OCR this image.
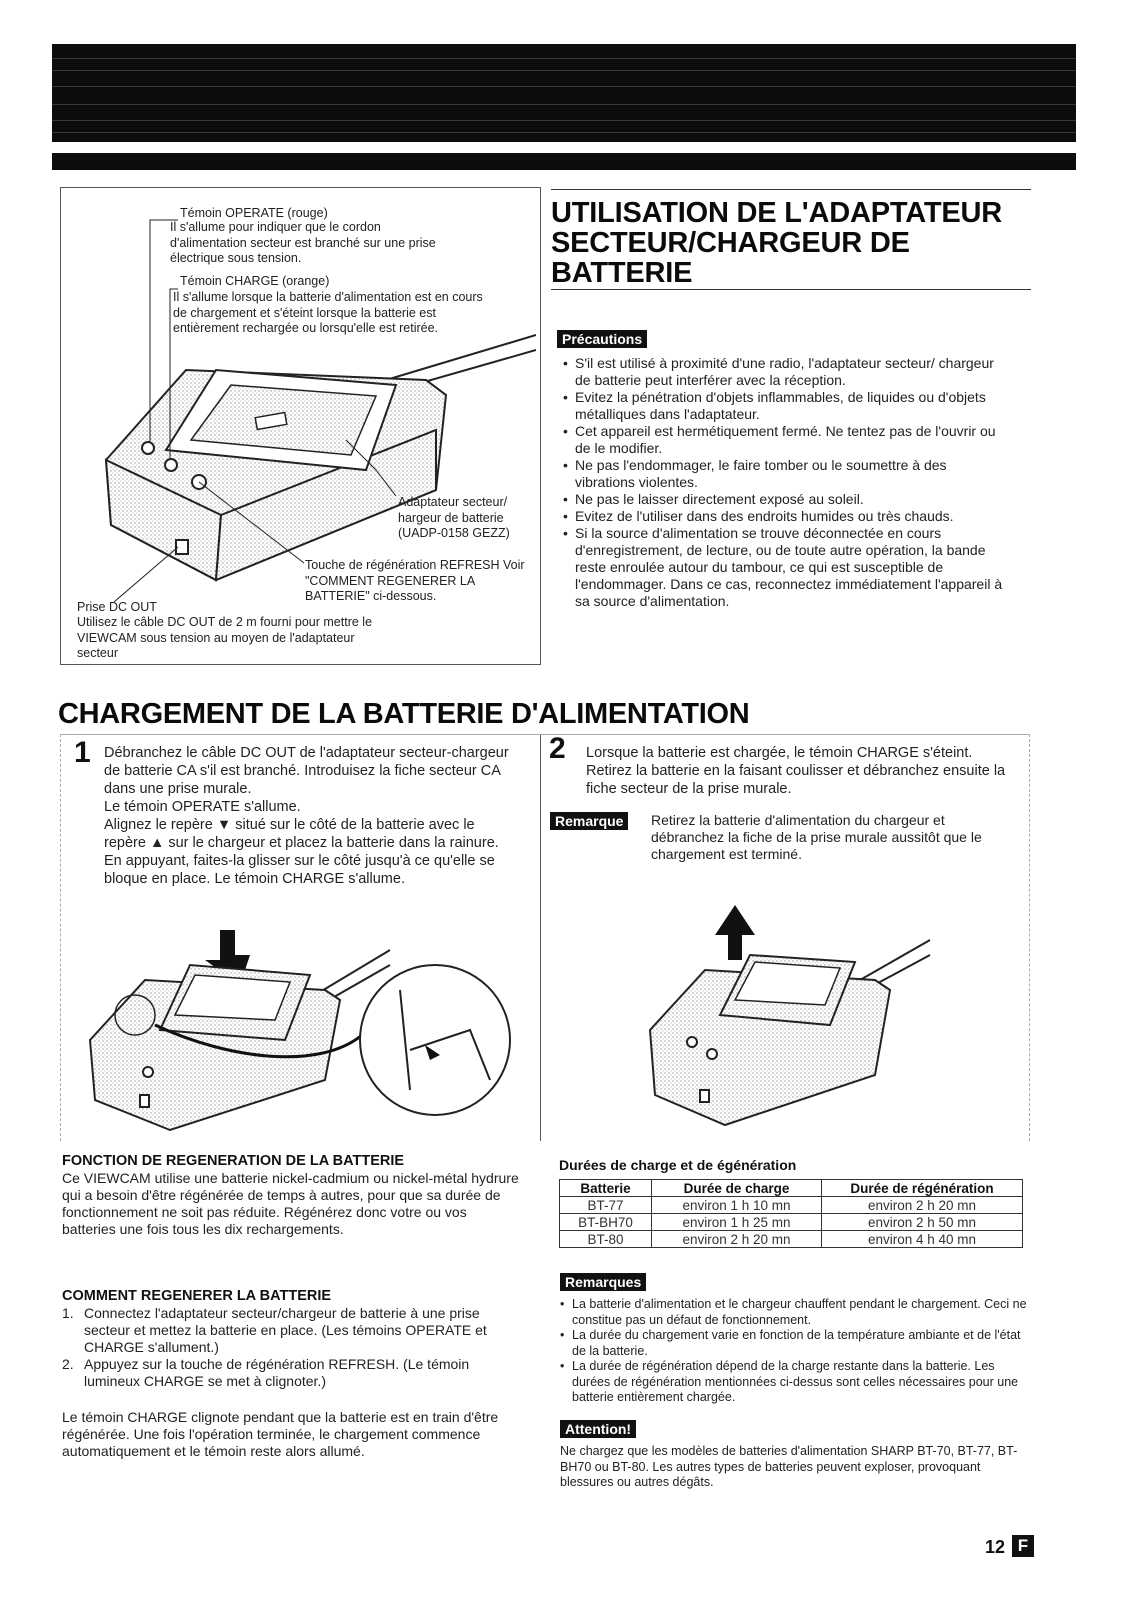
Témoin OPERATE (rouge)
Il s'allume pour indiquer que le cordon d'alimentation secteur est branché sur une prise électrique sous tension.
Témoin CHARGE (orange)
Il s'allume lorsque la batterie d'alimentation est en cours de chargement et s'éteint lorsque la batterie est entièrement rechargée ou lorsqu'elle est retirée.
Adaptateur secteur/ hargeur de batterie (UADP-0158 GEZZ)
Touche de régénération REFRESH Voir "COMMENT REGENERER LA BATTERIE" ci-dessous.
Prise DC OUT
Utilisez le câble DC OUT de 2 m fourni pour mettre le VIEWCAM sous tension au moyen de l'adaptateur secteur
UTILISATION DE L'ADAPTATEUR SECTEUR/CHARGEUR DE BATTERIE
Précautions
• S'il est utilisé à proximité d'une radio, l'adaptateur secteur/ chargeur de batterie peut interférer avec la réception.
• Evitez la pénétration d'objets inflammables, de liquides ou d'objets métalliques dans l'adaptateur.
• Cet appareil est hermétiquement fermé. Ne tentez pas de l'ouvrir ou de le modifier.
• Ne pas l'endommager, le faire tomber ou le soumettre à des vibrations violentes.
• Ne pas le laisser directement exposé au soleil.
• Evitez de l'utiliser dans des endroits humides ou très chauds.
• Si la source d'alimentation se trouve déconnectée en cours d'enregistrement, de lecture, ou de toute autre opération, la bande reste enroulée autour du tambour, ce qui est susceptible de l'endommager. Dans ce cas, reconnectez immédiatement l'appareil à sa source d'alimentation.
CHARGEMENT DE LA BATTERIE D'ALIMENTATION
1 Débranchez le câble DC OUT de l'adaptateur secteur-chargeur de batterie CA s'il est branché. Introduisez la fiche secteur CA dans une prise murale.
Le témoin OPERATE s'allume.
Alignez le repère ▼ situé sur le côté de la batterie avec le repère ▲ sur le chargeur et placez la batterie dans la rainure. En appuyant, faites-la glisser sur le côté jusqu'à ce qu'elle se bloque en place. Le témoin CHARGE s'allume.
2 Lorsque la batterie est chargée, le témoin CHARGE s'éteint. Retirez la batterie en la faisant coulisser et débranchez ensuite la fiche secteur de la prise murale.
Remarque	Retirez la batterie d'alimentation du chargeur et débranchez la fiche de la prise murale aussitôt que le chargement est terminé.
FONCTION DE REGENERATION DE LA BATTERIE
Ce VIEWCAM utilise une batterie nickel-cadmium ou nickel-métal hydrure qui a besoin d'être régénérée de temps à autres, pour que sa durée de fonctionnement ne soit pas réduite. Régénérez donc votre ou vos batteries une fois tous les dix rechargements.
COMMENT REGENERER LA BATTERIE
1. Connectez l'adaptateur secteur/chargeur de batterie à une prise secteur et mettez la batterie en place. (Les témoins OPERATE et CHARGE s'allument.)
2. Appuyez sur la touche de régénération REFRESH. (Le témoin lumineux CHARGE se met à clignoter.)
Le témoin CHARGE clignote pendant que la batterie est en train d'être régénérée. Une fois l'opération terminée, le chargement commence automatiquement et le témoin reste alors allumé.
Durées de charge et de égénération
Batterie	Durée de charge	Durée de régénération
BT-77	environ 1 h 10 mn	environ 2 h 20 mn
BT-BH70	environ 1 h 25 mn	environ 2 h 50 mn
BT-80	environ 2 h 20 mn	environ 4 h 40 mn
Remarques
• La batterie d'alimentation et le chargeur chauffent pendant le chargement. Ceci ne constitue pas un défaut de fonctionnement.
• La durée du chargement varie en fonction de la température ambiante et de l'état de la batterie.
• La durée de régénération dépend de la charge restante dans la batterie. Les durées de régénération mentionnées ci-dessus sont celles nécessaires pour une batterie entièrement chargée.
Attention!
Ne chargez que les modèles de batteries d'alimentation SHARP BT-70, BT-77, BT-BH70 ou BT-80. Les autres types de batteries peuvent exploser, provoquant blessures ou autres dégâts.
12 F
